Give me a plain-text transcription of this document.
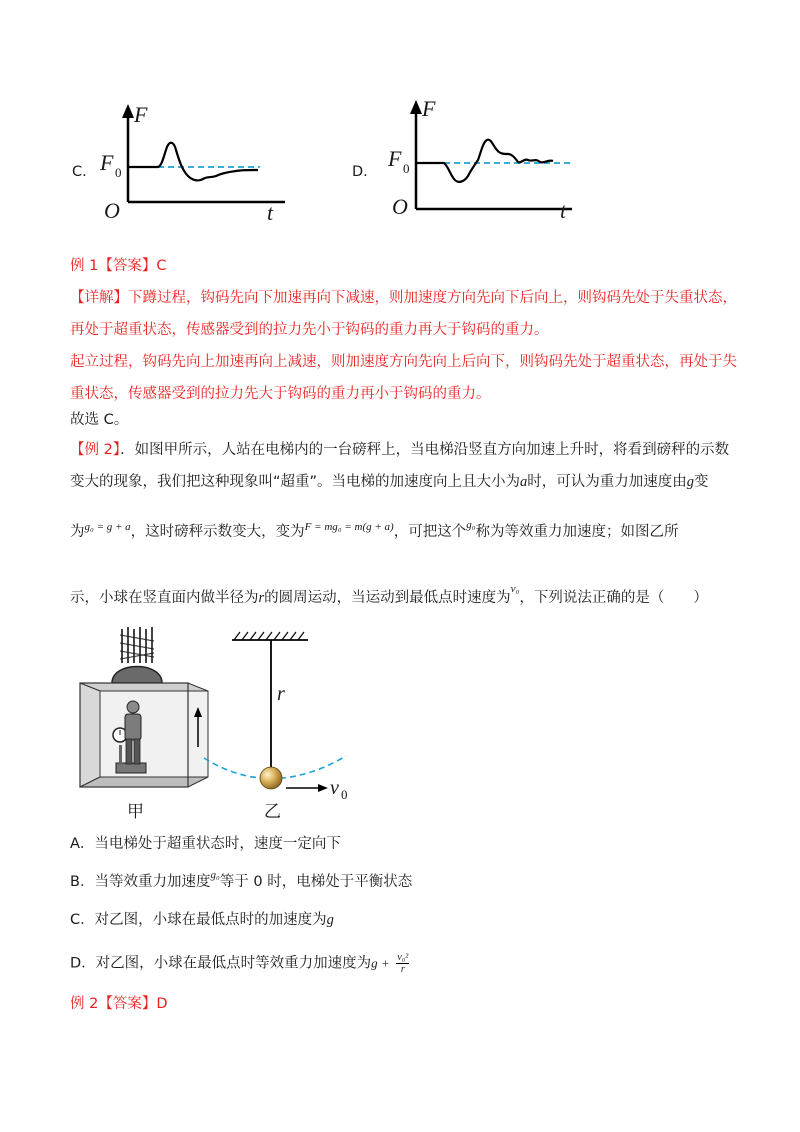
C.
F
F 0
O	t
D.
F
F 0
O	t
例 1【答案】C
【详解】下蹲过程，钩码先向下加速再向下减速，则加速度方向先向下后向上，则钩码先处于失重状态，
再处于超重状态，传感器受到的拉力先小于钩码的重力再大于钩码的重力。
起立过程，钩码先向上加速再向上减速，则加速度方向先向上后向下，则钩码先处于超重状态，再处于失
重状态，传感器受到的拉力先大于钩码的重力再小于钩码的重力。
故选 C。
【例 2】．如图甲所示，人站在电梯内的一台磅秤上，当电梯沿竖直方向加速上升时，将看到磅秤的示数
变大的现象，我们把这种现象叫“超重”。当电梯的加速度向上且大小为a时，可认为重力加速度由g变
为$^{g_0 = g + a}$，这时磅秤示数变大，变为$^{F = mg_0 = m(g + a)}$，可把这个$^{g_0}$称为等效重力加速度；如图乙所
示，小球在竖直面内做半径为r的圆周运动，当运动到最低点时速度为$^{v_0}$，下列说法正确的是（　　）
甲
r
v 0
乙
A．当电梯处于超重状态时，速度一定向下
B．当等效重力加速度$^{g_0}$等于 0 时，电梯处于平衡状态
C．对乙图，小球在最低点时的加速度为g
D．对乙图，小球在最低点时等效重力加速度为$g + \frac{\text{v₀²}}{r}$
例 2【答案】D
